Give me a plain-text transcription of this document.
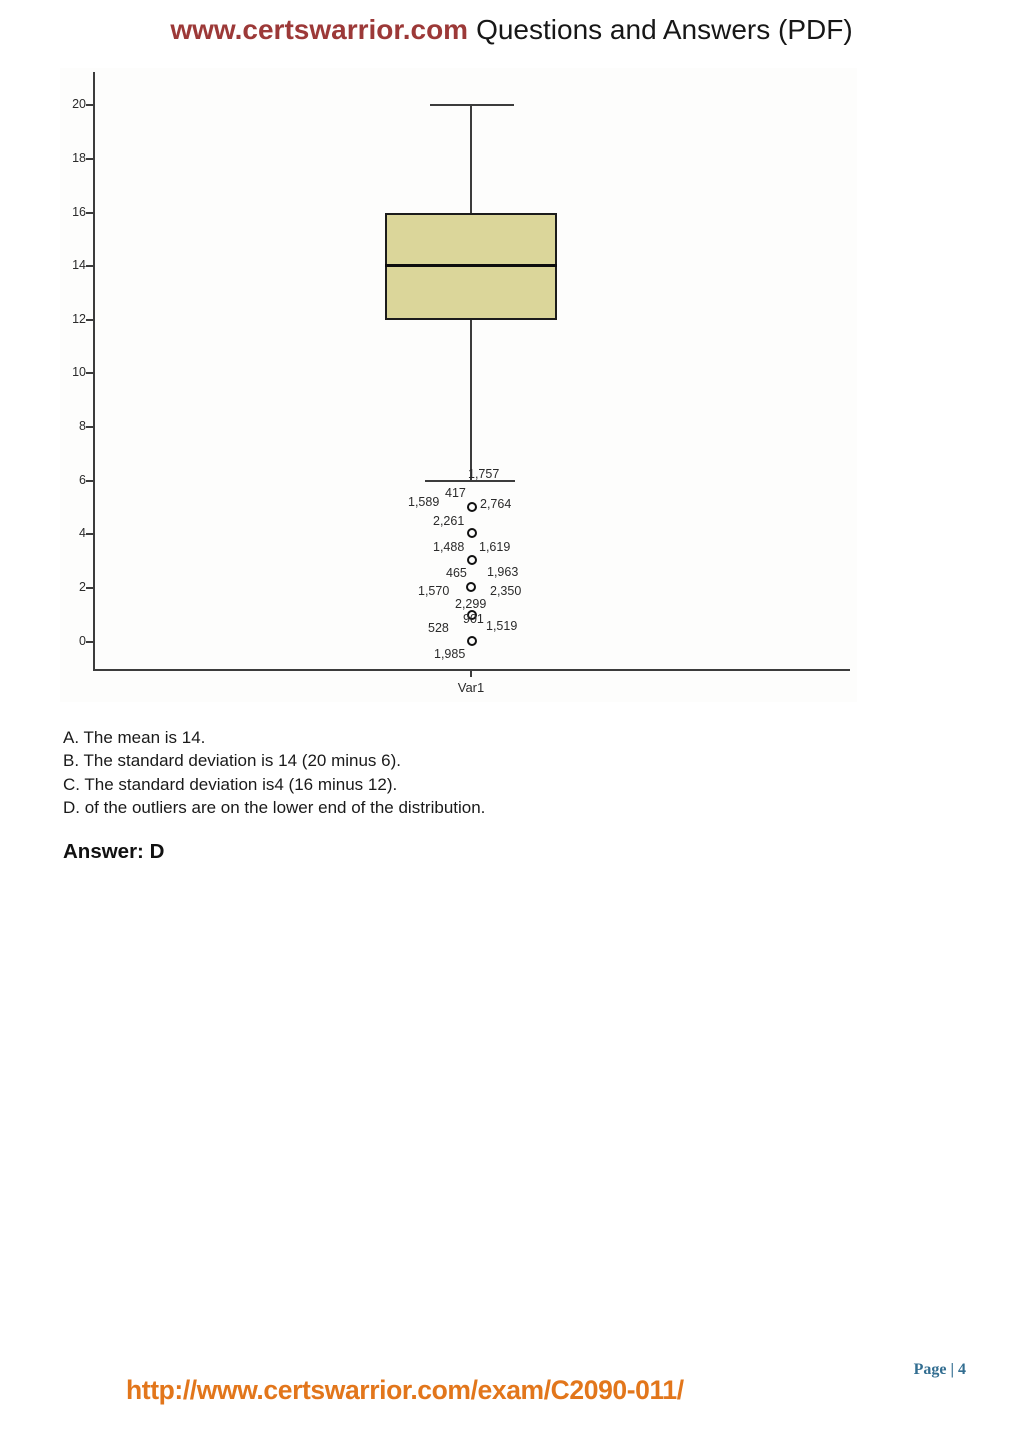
www.certswarrior.com Questions and Answers (PDF)
20
18
16
14
12
10
8
6
4
2
0
1,757
417
1,589	2,764
2,261
1,488 1,619
465 1,963
1,570	2,350
2,299
901
528	1,519
1,985
Var1
A. The mean is 14.
B. The standard deviation is 14 (20 minus 6).
C. The standard deviation is4 (16 minus 12).
D. of the outliers are on the lower end of the distribution.
Answer: D
Page | 4
http://www.certswarrior.com/exam/C2090-011/
